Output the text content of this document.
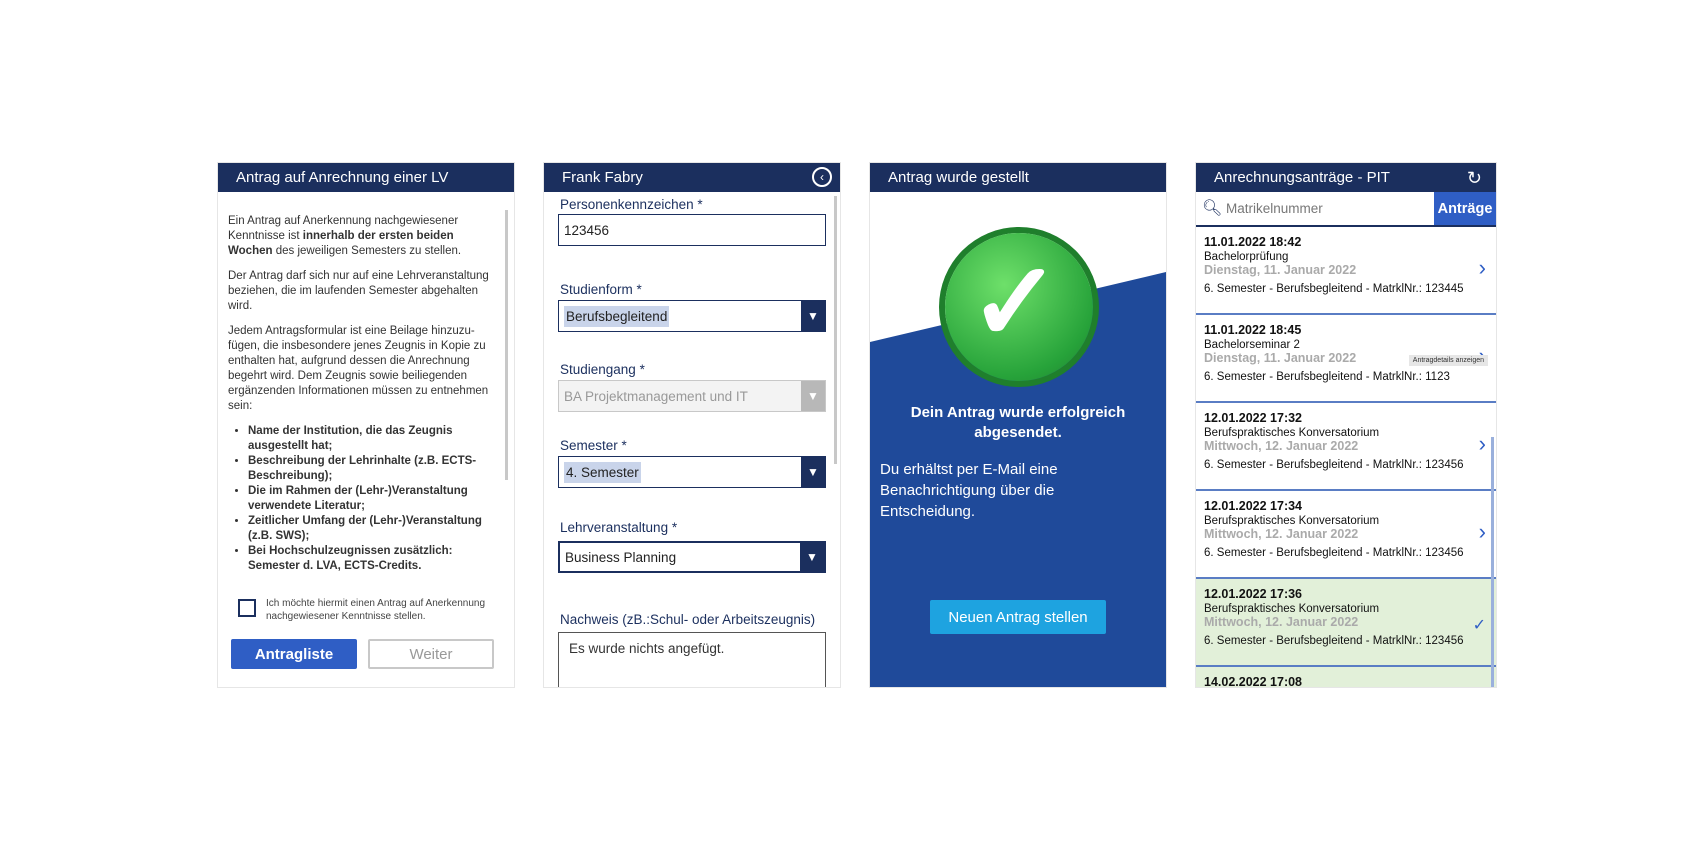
Antrag auf Anrechnung einer LV

Ein Antrag auf Anerkennung nachgewiesener Kenntnisse ist innerhalb der ersten beiden Wochen des jeweiligen Semesters zu stellen.

Der Antrag darf sich nur auf eine Lehrveranstaltung beziehen, die im laufenden Semester abgehalten wird.

Jedem Antragsformular ist eine Beilage hinzuzu-fügen, die insbesondere jenes Zeugnis in Kopie zu enthalten hat, aufgrund dessen die Anrechnung begehrt wird. Dem Zeugnis sowie beiliegenden ergänzenden Informationen müssen zu entnehmen sein:

• Name der Institution, die das Zeugnis ausgestellt hat;
• Beschreibung der Lehrinhalte (z.B. ECTS-Beschreibung);
• Die im Rahmen der (Lehr-)Veranstaltung verwendete Literatur;
• Zeitlicher Umfang der (Lehr-)Veranstaltung (z.B. SWS);
• Bei Hochschulzeugnissen zusätzlich: Semester d. LVA, ECTS-Credits.
Ich möchte hiermit einen Antrag auf Anerkennung nachgewiesener Kenntnisse stellen.
Antragliste	Weiter
Frank Fabry	‹
Personenkennzeichen *
123456
Studienform *
Berufsbegleitend	▼
Studiengang *
BA Projektmanagement und IT	▼
Semester *
4. Semester	▼
Lehrveranstaltung *
Business Planning	▼
Nachweis (zB.:Schul- oder Arbeitszeugnis)
Es wurde nichts angefügt.
Antrag wurde gestellt
✓
Dein Antrag wurde erfolgreich abgesendet.
Du erhältst per E-Mail eine Benachrichtigung über die Entscheidung.
Neuen Antrag stellen
Anrechnungsanträge - PIT	↻
🔍︎ Matrikelnummer	Anträge
11.01.2022 18:42
Bachelorprüfung
Dienstag, 11. Januar 2022
6. Semester - Berufsbegleitend - MatrklNr.: 123445
›
11.01.2022 18:45
Bachelorseminar 2
Dienstag, 11. Januar 2022
6. Semester - Berufsbegleitend - MatrklNr.: 1123
Antragdetails anzeigen
12.01.2022 17:32
Berufspraktisches Konversatorium
Mittwoch, 12. Januar 2022
6. Semester - Berufsbegleitend - MatrklNr.: 123456
›
12.01.2022 17:34
Berufspraktisches Konversatorium
Mittwoch, 12. Januar 2022
6. Semester - Berufsbegleitend - MatrklNr.: 123456
›
12.01.2022 17:36
Berufspraktisches Konversatorium
Mittwoch, 12. Januar 2022
6. Semester - Berufsbegleitend - MatrklNr.: 123456
✓
14.02.2022 17:08
